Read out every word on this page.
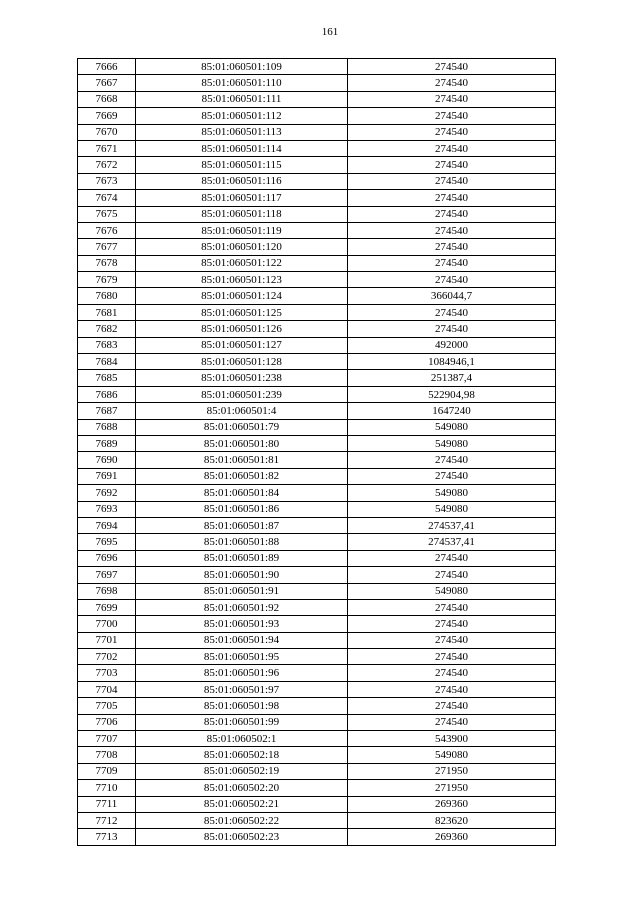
161
7666	85:01:060501:109	274540
7667	85:01:060501:110	274540
7668	85:01:060501:111	274540
7669	85:01:060501:112	274540
7670	85:01:060501:113	274540
7671	85:01:060501:114	274540
7672	85:01:060501:115	274540
7673	85:01:060501:116	274540
7674	85:01:060501:117	274540
7675	85:01:060501:118	274540
7676	85:01:060501:119	274540
7677	85:01:060501:120	274540
7678	85:01:060501:122	274540
7679	85:01:060501:123	274540
7680	85:01:060501:124	366044,7
7681	85:01:060501:125	274540
7682	85:01:060501:126	274540
7683	85:01:060501:127	492000
7684	85:01:060501:128	1084946,1
7685	85:01:060501:238	251387,4
7686	85:01:060501:239	522904,98
7687	85:01:060501:4	1647240
7688	85:01:060501:79	549080
7689	85:01:060501:80	549080
7690	85:01:060501:81	274540
7691	85:01:060501:82	274540
7692	85:01:060501:84	549080
7693	85:01:060501:86	549080
7694	85:01:060501:87	274537,41
7695	85:01:060501:88	274537,41
7696	85:01:060501:89	274540
7697	85:01:060501:90	274540
7698	85:01:060501:91	549080
7699	85:01:060501:92	274540
7700	85:01:060501:93	274540
7701	85:01:060501:94	274540
7702	85:01:060501:95	274540
7703	85:01:060501:96	274540
7704	85:01:060501:97	274540
7705	85:01:060501:98	274540
7706	85:01:060501:99	274540
7707	85:01:060502:1	543900
7708	85:01:060502:18	549080
7709	85:01:060502:19	271950
7710	85:01:060502:20	271950
7711	85:01:060502:21	269360
7712	85:01:060502:22	823620
7713	85:01:060502:23	269360
